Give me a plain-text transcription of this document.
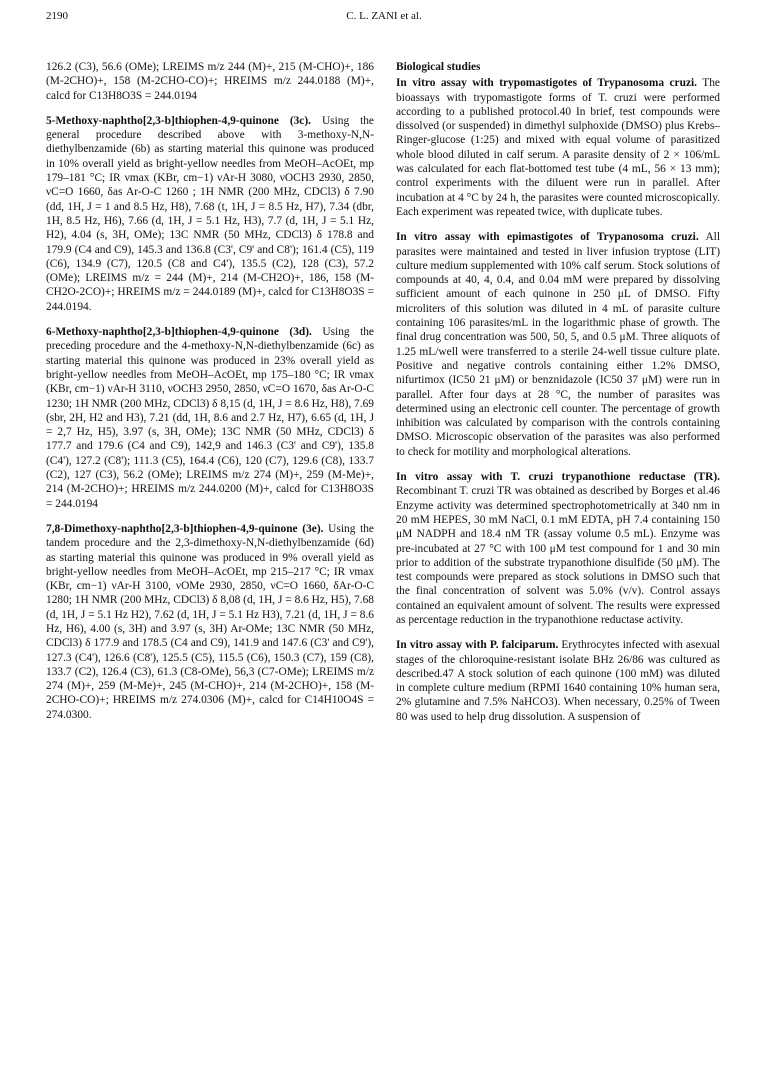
2190	C. L. ZANI et al.

126.2 (C3), 56.6 (OMe); LREIMS m/z 244 (M)+, 215 (M-CHO)+, 186 (M-2CHO)+, 158 (M-2CHO-CO)+; HREIMS m/z 244.0188 (M)+, calcd for C13H8O3S = 244.0194

5-Methoxy-naphtho[2,3-b]thiophen-4,9-quinone (3c). Using the general procedure described above with 3-methoxy-N,N-diethylbenzamide (6b) as starting material this quinone was produced in 10% overall yield as bright-yellow needles from MeOH–AcOEt, mp 179–181 °C; IR νmax (KBr, cm−1) νAr-H 3080, νOCH3 2930, 2850, νC=O 1660, δas Ar-O-C 1260 ; 1H NMR (200 MHz, CDCl3) δ 7.90 (dd, 1H, J = 1 and 8.5 Hz, H8), 7.68 (t, 1H, J = 8.5 Hz, H7), 7.34 (dbr, 1H, 8.5 Hz, H6), 7.66 (d, 1H, J = 5.1 Hz, H3), 7.7 (d, 1H, J = 5.1 Hz, H2), 4.04 (s, 3H, OMe); 13C NMR (50 MHz, CDCl3) δ 178.8 and 179.9 (C4 and C9), 145.3 and 136.8 (C3', C9' and C8'); 161.4 (C5), 119 (C6), 134.9 (C7), 120.5 (C8 and C4'), 135.5 (C2), 128 (C3), 57.2 (OMe); LREIMS m/z = 244 (M)+, 214 (M-CH2O)+, 186, 158 (M-CH2O-2CO)+; HREIMS m/z = 244.0189 (M)+, calcd for C13H8O3S = 244.0194.

6-Methoxy-naphtho[2,3-b]thiophen-4,9-quinone (3d). Using the preceding procedure and the 4-methoxy-N,N-diethylbenzamide (6c) as starting material this quinone was produced in 23% overall yield as bright-yellow needles from MeOH–AcOEt, mp 175–180 °C; IR νmax (KBr, cm−1) νAr-H 3110, νOCH3 2950, 2850, νC=O 1670, δas Ar-O-C 1230; 1H NMR (200 MHz, CDCl3) δ 8,15 (d, 1H, J = 8.6 Hz, H8), 7.69 (sbr, 2H, H2 and H3), 7.21 (dd, 1H, 8.6 and 2.7 Hz, H7), 6.65 (d, 1H, J = 2,7 Hz, H5), 3.97 (s, 3H, OMe); 13C NMR (50 MHz, CDCl3) δ 177.7 and 179.6 (C4 and C9), 142,9 and 146.3 (C3' and C9'), 135.8 (C4'), 127.2 (C8'); 111.3 (C5), 164.4 (C6), 120 (C7), 129.6 (C8), 133.7 (C2), 127 (C3), 56.2 (OMe); LREIMS m/z 274 (M)+, 259 (M-Me)+, 214 (M-2CHO)+; HREIMS m/z 244.0200 (M)+, calcd for C13H8O3S = 244.0194

7,8-Dimethoxy-naphtho[2,3-b]thiophen-4,9-quinone (3e). Using the tandem procedure and the 2,3-dimethoxy-N,N-diethylbenzamide (6d) as starting material this quinone was produced in 9% overall yield as bright-yellow needles from MeOH–AcOEt, mp 215–217 °C; IR νmax (KBr, cm−1) νAr-H 3100, νOMe 2930, 2850, νC=O 1660, δAr-O-C 1280; 1H NMR (200 MHz, CDCl3) δ 8,08 (d, 1H, J = 8.6 Hz, H5), 7.68 (d, 1H, J = 5.1 Hz H2), 7.62 (d, 1H, J = 5.1 Hz H3), 7.21 (d, 1H, J = 8.6 Hz, H6), 4.00 (s, 3H) and 3.97 (s, 3H) Ar-OMe; 13C NMR (50 MHz, CDCl3) δ 177.9 and 178.5 (C4 and C9), 141.9 and 147.6 (C3' and C9'), 127.3 (C4'), 126.6 (C8'), 125.5 (C5), 115.5 (C6), 150.3 (C7), 159 (C8), 133.7 (C2), 126.4 (C3), 61.3 (C8-OMe), 56,3 (C7-OMe); LREIMS m/z 274 (M)+, 259 (M-Me)+, 245 (M-CHO)+, 214 (M-2CHO)+, 158 (M-2CHO-CO)+; HREIMS m/z 274.0306 (M)+, calcd for C14H10O4S = 274.0300.

Biological studies

In vitro assay with trypomastigotes of Trypanosoma cruzi. The bioassays with trypomastigote forms of T. cruzi were performed according to a published protocol.40 In brief, test compounds were dissolved (or suspended) in dimethyl sulphoxide (DMSO) plus Krebs–Ringer-glucose (1:25) and mixed with equal volume of parasitized whole blood diluted in calf serum. A parasite density of 2 × 106/mL was calculated for each flat-bottomed test tube (4 mL, 56 × 13 mm); control experiments with the diluent were run in parallel. After incubation at 4 °C by 24 h, the parasites were counted microscopically. Each experiment was repeated twice, with duplicate tubes.

In vitro assay with epimastigotes of Trypanosoma cruzi. All parasites were maintained and tested in liver infusion tryptose (LIT) culture medium supplemented with 10% calf serum. Stock solutions of compounds at 40, 4, 0.4, and 0.04 mM were prepared by dissolving sufficient amount of each quinone in 250 μL of DMSO. Fifty microliters of this solution was diluted in 4 mL of parasite culture containing 106 parasites/mL in the logarithmic phase of growth. The final drug concentration was 500, 50, 5, and 0.5 μM. Three aliquots of 1.25 mL/well were transferred to a sterile 24-well tissue culture plate. Positive and negative controls containing either 1.2% DMSO, nifurtimox (IC50 21 μM) or benznidazole (IC50 37 μM) were run in parallel. After four days at 28 °C, the number of parasites was determined using an electronic cell counter. The percentage of growth inhibition was calculated by comparison with the controls containing DMSO. Microscopic observation of the parasites was also performed to check for motility and morphological alterations.

In vitro assay with T. cruzi trypanothione reductase (TR). Recombinant T. cruzi TR was obtained as described by Borges et al.46 Enzyme activity was determined spectrophotometrically at 340 nm in 20 mM HEPES, 30 mM NaCl, 0.1 mM EDTA, pH 7.4 containing 150 μM NADPH and 18.4 nM TR (assay volume 0.5 mL). Enzyme was pre-incubated at 27 °C with 100 μM test compound for 1 and 30 min prior to addition of the substrate trypanothione disulfide (50 μM). The test compounds were prepared as stock solutions in DMSO such that the final concentration of solvent was 5.0% (v/v). Control assays contained an equivalent amount of solvent. The results were expressed as percentage reduction in the trypanothione reductase activity.

In vitro assay with P. falciparum. Erythrocytes infected with asexual stages of the chloroquine-resistant isolate BHz 26/86 was cultured as described.47 A stock solution of each quinone (100 mM) was diluted in complete culture medium (RPMI 1640 containing 10% human sera, 2% glutamine and 7.5% NaHCO3). When necessary, 0.25% of Tween 80 was used to help drug dissolution. A suspension of
